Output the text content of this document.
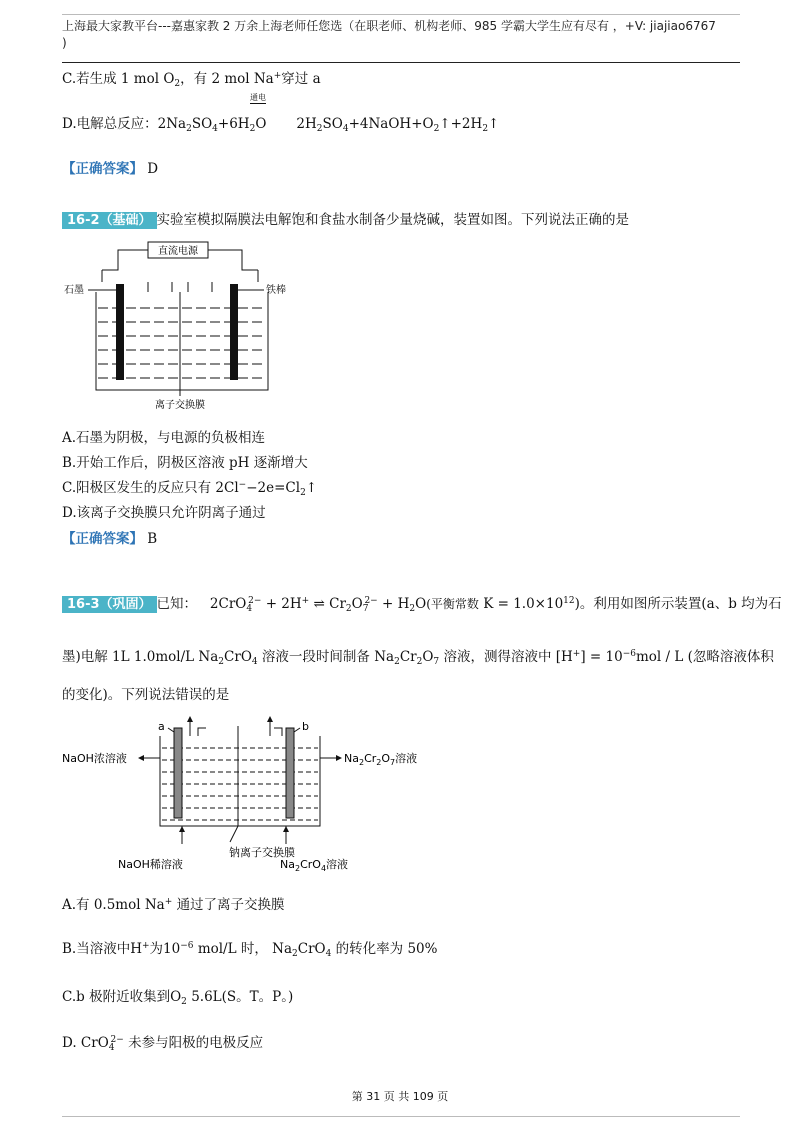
上海最大家教平台---嘉惠家教 2 万余上海老师任您选（在职老师、机构老师、985 学霸大学生应有尽有 ，+V: jiajiao6767
)
C.若生成 1 mol $O_2$，有 2 mol Na+穿过 a
通电
D.电解总反应：$2Na_2SO_4+6H_2O$       $2H_2SO_4+4NaOH+O_2↑+2H_2↑$
【正确答案】 D
16-2（基础） 实验室模拟隔膜法电解饱和食盐水制备少量烧碱，装置如图。下列说法正确的是
直流电源
石墨	铁棒
离子交换膜
A.石墨为阴极，与电源的负极相连
B.开始工作后，阴极区溶液 pH 逐渐增大
C.阳极区发生的反应只有 $2Cl^--2e=Cl_2↑$
D.该离子交换膜只允许阴离子通过
【正确答案】 B
16-3（巩固） 已知： 2CrO$_4^{2-}$ + 2H+ ⇌ $Cr_2O_7^{2-} + H_2O$(平衡常数 $K = 1.0\times 10^{12}$)。利用如图所示装置(a、b 均为石
墨)电解 1L 1.0mol/L $Na_2CrO_4$ 溶液一段时间制备 $Na_2Cr_2O_7$ 溶液，测得溶液中 $[H^+] = 10^{-6}mol / L$ (忽略溶液体积
的变化)。下列说法错误的是
a	b
NaOH浓溶液	$Na_2Cr_2O_7$溶液
钠离子交换膜
NaOH稀溶液	$Na_2CrO_4$溶液
A.有 0.5mol Na+ 通过了离子交换膜
B.当溶液中H+为$10^{-6}$ mol/L 时， $Na_2CrO_4$ 的转化率为 50%
C.b 极附近收集到$O_2$ 5.6L(S。T。P。)
D. CrO$_4^{2-}$ 未参与阳极的电极反应
第 31 页 共 109 页
